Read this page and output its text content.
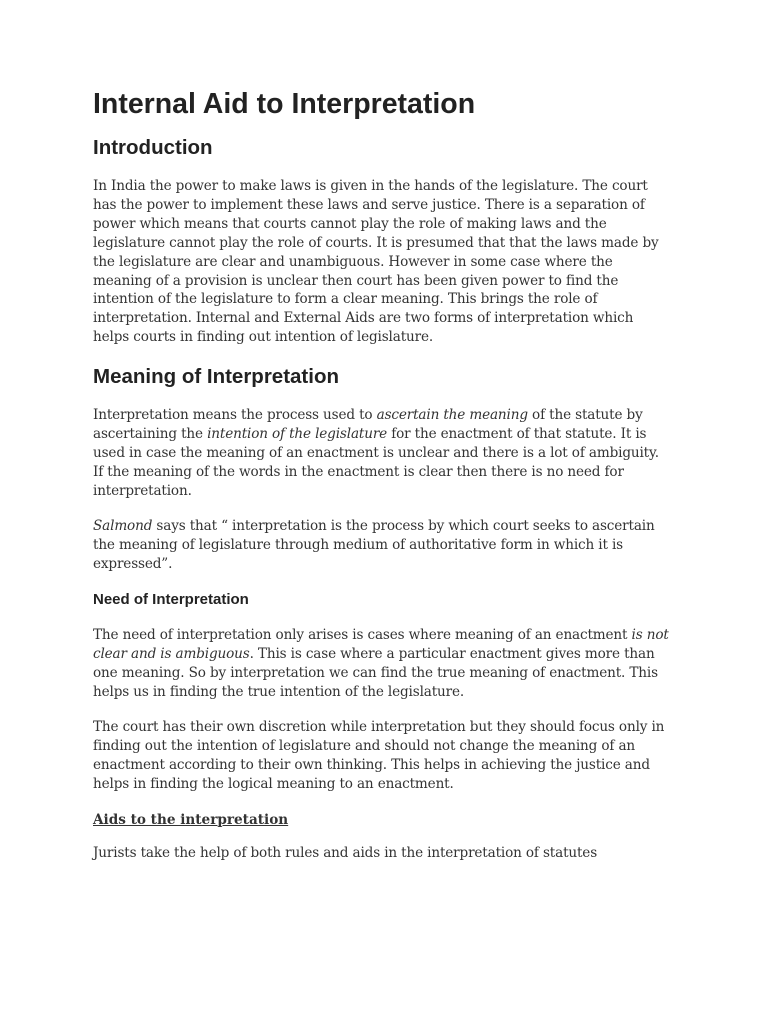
Internal Aid to Interpretation
Introduction

In India the power to make laws is given in the hands of the legislature. The court has the power to implement these laws and serve justice. There is a separation of power which means that courts cannot play the role of making laws and the legislature cannot play the role of courts. It is presumed that that the laws made by the legislature are clear and unambiguous. However in some case where the meaning of a provision is unclear then court has been given power to find the intention of the legislature to form a clear meaning. This brings the role of interpretation. Internal and External Aids are two forms of interpretation which helps courts in finding out intention of legislature.

Meaning of Interpretation

Interpretation means the process used to ascertain the meaning of the statute by ascertaining the intention of the legislature for the enactment of that statute. It is used in case the meaning of an enactment is unclear and there is a lot of ambiguity. If the meaning of the words in the enactment is clear then there is no need for interpretation.

Salmond says that “ interpretation is the process by which court seeks to ascertain the meaning of legislature through medium of authoritative form in which it is expressed”.

Need of Interpretation

The need of interpretation only arises is cases where meaning of an enactment is not clear and is ambiguous. This is case where a particular enactment gives more than one meaning. So by interpretation we can find the true meaning of enactment. This helps us in finding the true intention of the legislature.

The court has their own discretion while interpretation but they should focus only in finding out the intention of legislature and should not change the meaning of an enactment according to their own thinking. This helps in achieving the justice and helps in finding the logical meaning to an enactment.

Aids to the interpretation

Jurists take the help of both rules and aids in the interpretation of statutes
